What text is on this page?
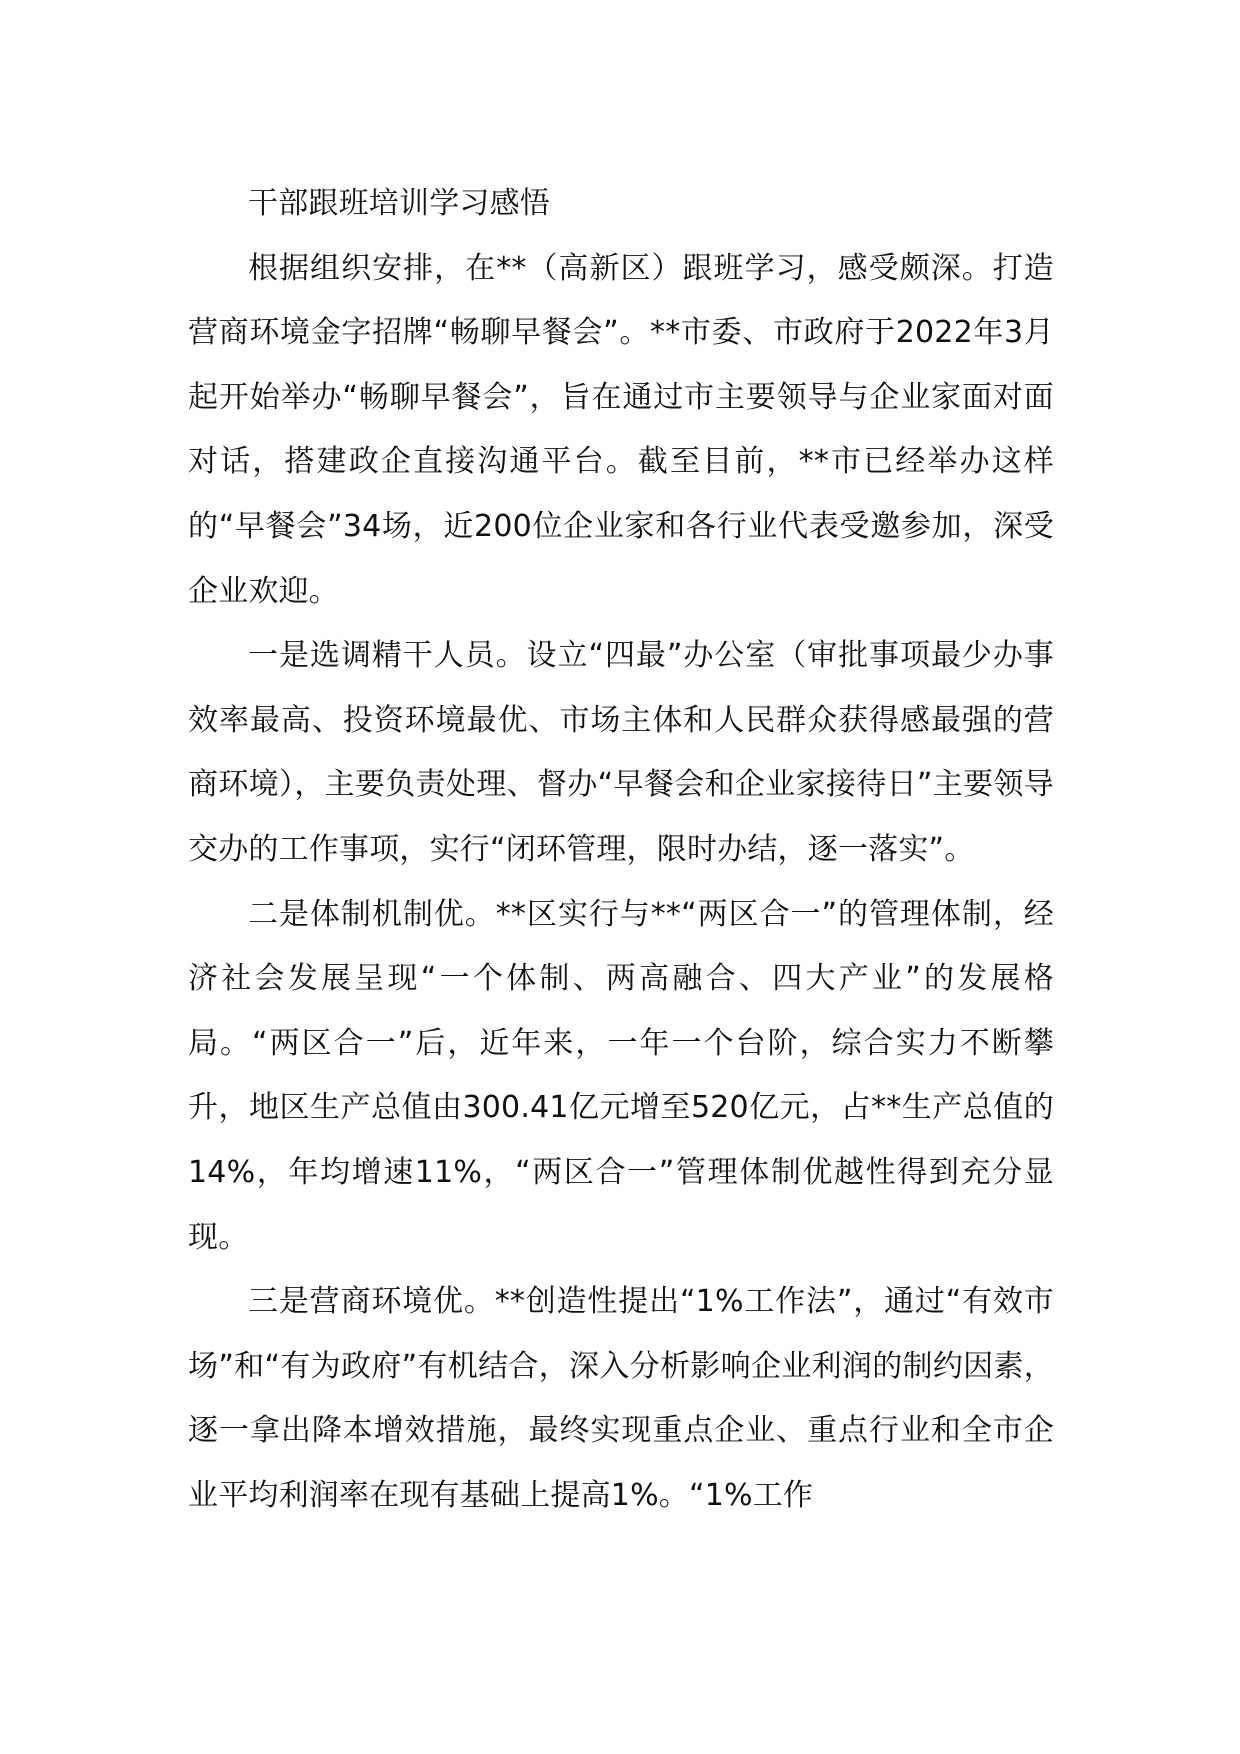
干部跟班培训学习感悟

根据组织安排，在**（高新区）跟班学习，感受颇深。打造营商环境金字招牌“畅聊早餐会”。**市委、市政府于2022年3月起开始举办“畅聊早餐会”，旨在通过市主要领导与企业家面对面对话，搭建政企直接沟通平台。截至目前，**市已经举办这样的“早餐会”34场，近200位企业家和各行业代表受邀参加，深受企业欢迎。

一是选调精干人员。设立“四最”办公室（审批事项最少办事效率最高、投资环境最优、市场主体和人民群众获得感最强的营商环境），主要负责处理、督办“早餐会和企业家接待日”主要领导交办的工作事项，实行“闭环管理，限时办结，逐一落实”。

二是体制机制优。**区实行与**“两区合一”的管理体制，经济社会发展呈现“一个体制、两高融合、四大产业”的发展格局。“两区合一”后，近年来，一年一个台阶，综合实力不断攀升，地区生产总值由300.41亿元增至520亿元，占**生产总值的14%，年均增速11%，“两区合一”管理体制优越性得到充分显现。

三是营商环境优。**创造性提出“1%工作法”，通过“有效市场”和“有为政府”有机结合，深入分析影响企业利润的制约因素，逐一拿出降本增效措施，最终实现重点企业、重点行业和全市企业平均利润率在现有基础上提高1%。“1%工作
